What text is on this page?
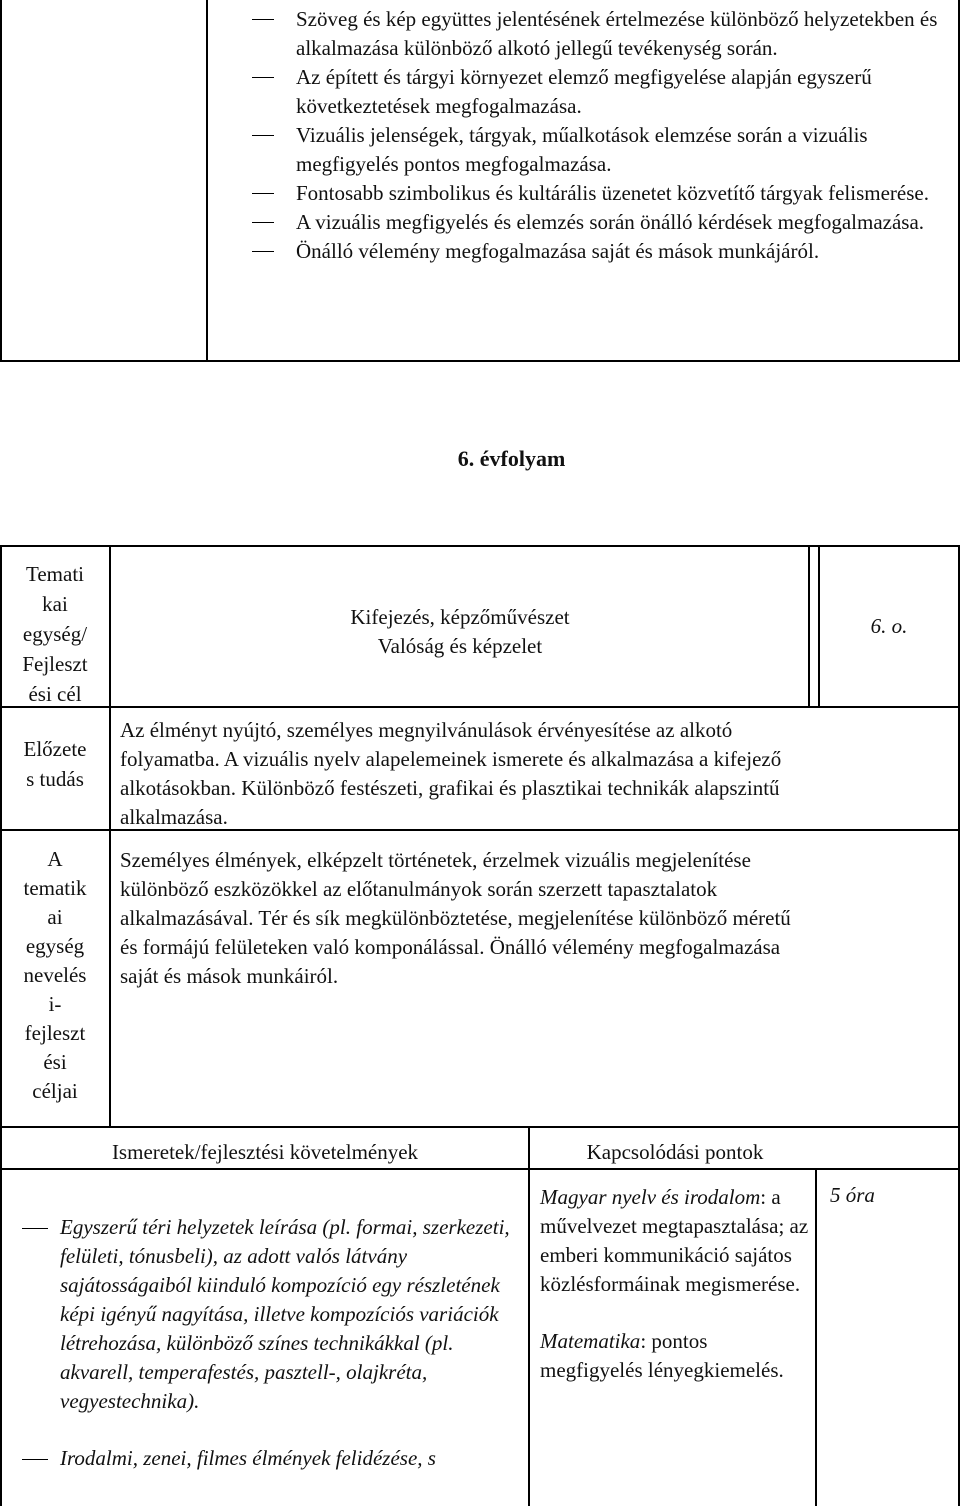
Szöveg és kép együttes jelentésének értelmezése különböző helyzetekben és alkalmazása különböző alkotó jellegű tevékenység során.
Az épített és tárgyi környezet elemző megfigyelése alapján egyszerű következtetések megfogalmazása.
Vizuális jelenségek, tárgyak, műalkotások elemzése során a vizuális megfigyelés pontos megfogalmazása.
Fontosabb szimbolikus és kultárális üzenetet közvetítő tárgyak felismerése.
A vizuális megfigyelés és elemzés során önálló kérdések megfogalmazása.
Önálló vélemény megfogalmazása saját és mások munkájáról.
6. évfolyam
Temati
kai
egység/
Fejleszt
ési cél
Kifejezés, képzőművészet
Valóság és képzelet
6. o.
Előzete
s tudás
Az élményt nyújtó, személyes megnyilvánulások érvényesítése az alkotó folyamatba. A vizuális nyelv alapelemeinek ismerete és alkalmazása a kifejező alkotásokban. Különböző festészeti, grafikai és plasztikai technikák alapszintű alkalmazása.
A
tematik
ai
egység
nevelés
i-
fejleszt
ési
céljai
Személyes élmények, elképzelt történetek, érzelmek vizuális megjelenítése különböző eszközökkel az előtanulmányok során szerzett tapasztalatok alkalmazásával. Tér és sík megkülönböztetése, megjelenítése különböző méretű és formájú felületeken való komponálással. Önálló vélemény megfogalmazása saját és mások munkáiról.
Ismeretek/fejlesztési követelmények	Kapcsolódási pontok
Egyszerű téri helyzetek leírása (pl. formai, szerkezeti, felületi, tónusbeli), az adott valós látvány sajátosságaiból kiinduló kompozíció egy részletének képi igényű nagyítása, illetve kompozíciós variációk létrehozása, különböző színes technikákkal (pl. akvarell, temperafestés, pasztell-, olajkréta, vegyestechnika).
Irodalmi, zenei, filmes élmények felidézése, s

Magyar nyelv és irodalom: a művelvezet megtapasztalása; az emberi kommunikáció sajátos közlésformáinak megismerése.

Matematika: pontos megfigyelés lényegkiemelés.

5 óra
